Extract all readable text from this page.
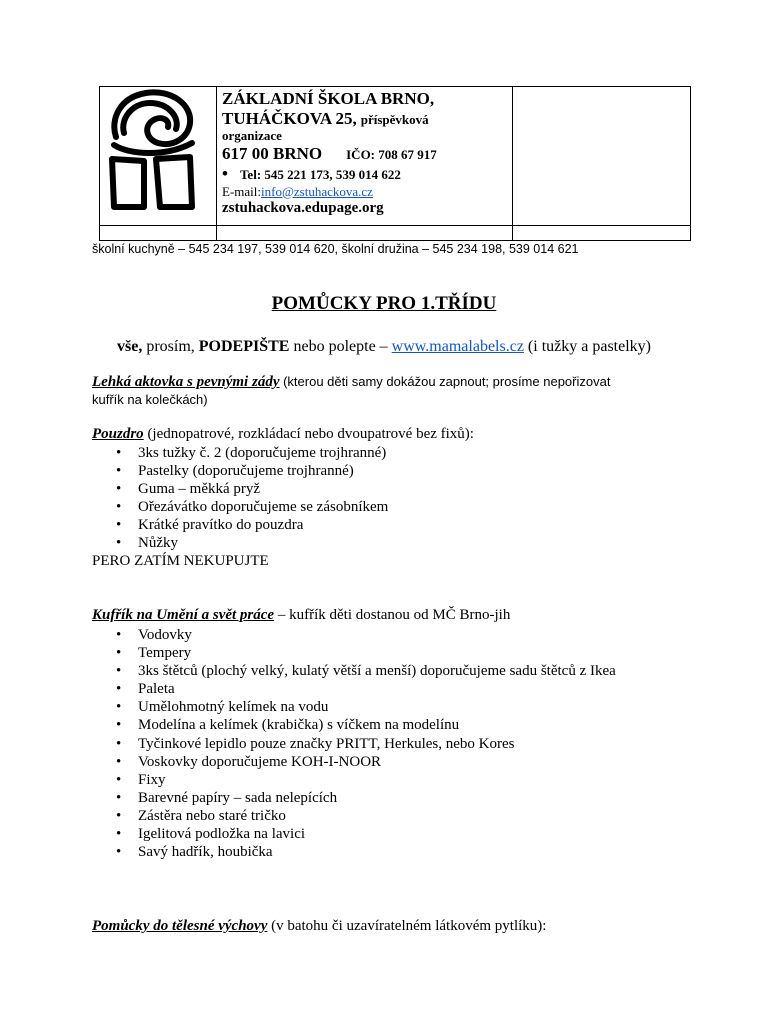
ZÁKLADNÍ ŠKOLA BRNO,
TUHÁČKOVA 25, příspěvková
organizace
617 00 BRNO IČO: 708 67 917
• Tel: 545 221 173, 539 014 622
E-mail:info@zstuhackova.cz
zstuhackova.edupage.org
školní kuchyně – 545 234 197, 539 014 620, školní družina – 545 234 198, 539 014 621
POMŮCKY PRO 1.TŘÍDU
vše, prosím, PODEPIŠTE nebo polepte – www.mamalabels.cz (i tužky a pastelky)
Lehká aktovka s pevnými zády (kterou děti samy dokážou zapnout; prosíme nepořizovat
kufřík na kolečkách)
Pouzdro (jednopatrové, rozkládací nebo dvoupatrové bez fixů):
• 3ks tužky č. 2 (doporučujeme trojhranné)
• Pastelky (doporučujeme trojhranné)
• Guma – měkká pryž
• Ořezávátko doporučujeme se zásobníkem
• Krátké pravítko do pouzdra
• Nůžky
PERO ZATÍM NEKUPUJTE
Kufřík na Umění a svět práce – kufřík děti dostanou od MČ Brno-jih
• Vodovky
• Tempery
• 3ks štětců (plochý velký, kulatý větší a menší) doporučujeme sadu štětců z Ikea
• Paleta
• Umělohmotný kelímek na vodu
• Modelína a kelímek (krabička) s víčkem na modelínu
• Tyčinkové lepidlo pouze značky PRITT, Herkules, nebo Kores
• Voskovky doporučujeme KOH-I-NOOR
• Fixy
• Barevné papíry – sada nelepících
• Zástěra nebo staré tričko
• Igelitová podložka na lavici
• Savý hadřík, houbička
Pomůcky do tělesné výchovy (v batohu či uzavíratelném látkovém pytlíku):
